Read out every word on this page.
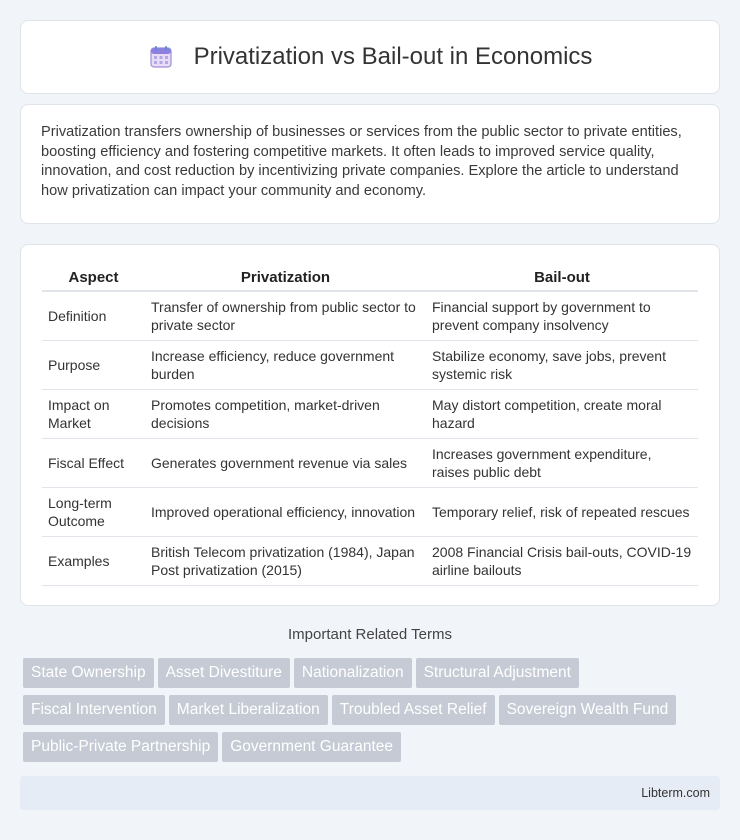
Privatization vs Bail-out in Economics

Privatization transfers ownership of businesses or services from the public sector to private entities, boosting efficiency and fostering competitive markets. It often leads to improved service quality, innovation, and cost reduction by incentivizing private companies. Explore the article to understand how privatization can impact your community and economy.

Aspect	Privatization	Bail-out
Definition	Transfer of ownership from public sector to private sector	Financial support by government to prevent company insolvency
Purpose	Increase efficiency, reduce government burden	Stabilize economy, save jobs, prevent systemic risk
Impact on Market	Promotes competition, market-driven decisions	May distort competition, create moral hazard
Fiscal Effect	Generates government revenue via sales	Increases government expenditure, raises public debt
Long-term Outcome	Improved operational efficiency, innovation	Temporary relief, risk of repeated rescues
Examples	British Telecom privatization (1984), Japan Post privatization (2015)	2008 Financial Crisis bail-outs, COVID-19 airline bailouts
Important Related Terms
State Ownership Asset Divestiture Nationalization Structural Adjustment
Fiscal Intervention Market Liberalization Troubled Asset Relief Sovereign Wealth Fund
Public-Private Partnership Government Guarantee
Libterm.com
